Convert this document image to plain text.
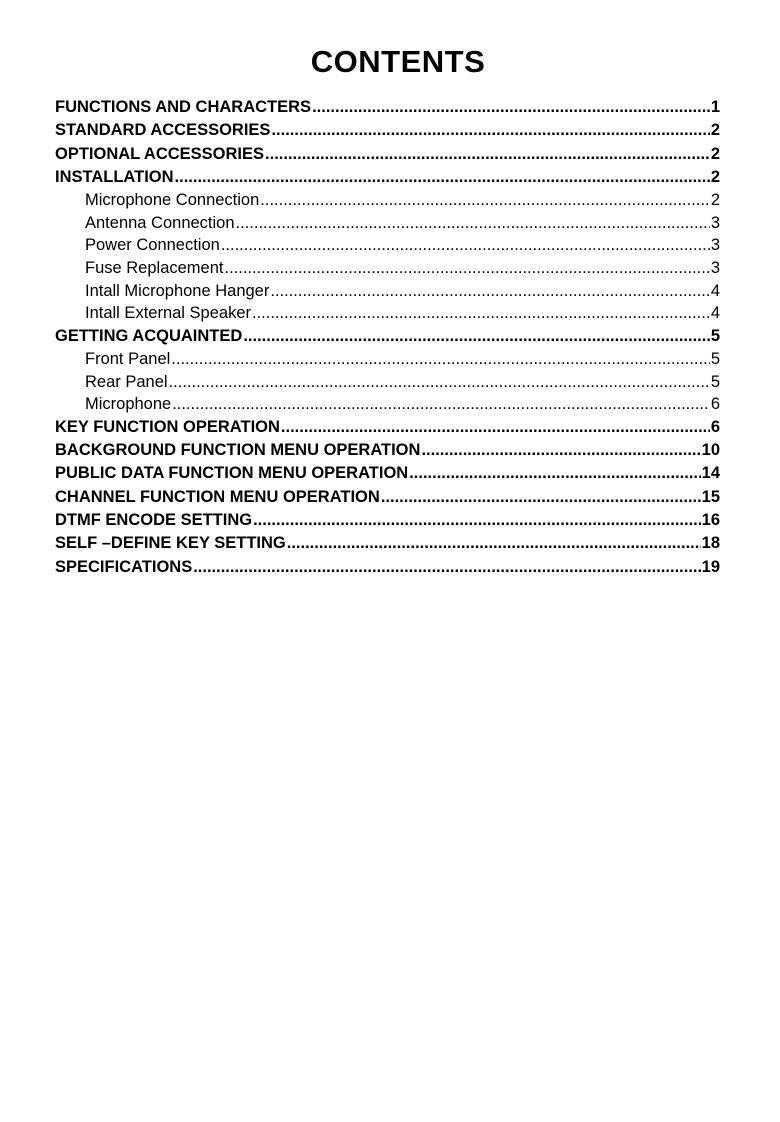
CONTENTS
FUNCTIONS AND CHARACTERS .....	1
STANDARD ACCESSORIES .....	2
OPTIONAL ACCESSORIES .....	2
INSTALLATION .....	2
Microphone Connection .....	2
Antenna Connection .....	3
Power Connection .....	3
Fuse Replacement .....	3
Intall Microphone Hanger .....	4
Intall External Speaker .....	4
GETTING ACQUAINTED .....	5
Front Panel .....	5
Rear Panel .....	5
Microphone .....	6
KEY FUNCTION OPERATION .....	6
BACKGROUND FUNCTION MENU OPERATION .....	10
PUBLIC DATA FUNCTION MENU OPERATION .....	14
CHANNEL FUNCTION MENU OPERATION .....	15
DTMF ENCODE SETTING .....	16
SELF –DEFINE KEY SETTING .....	18
SPECIFICATIONS .....	19
